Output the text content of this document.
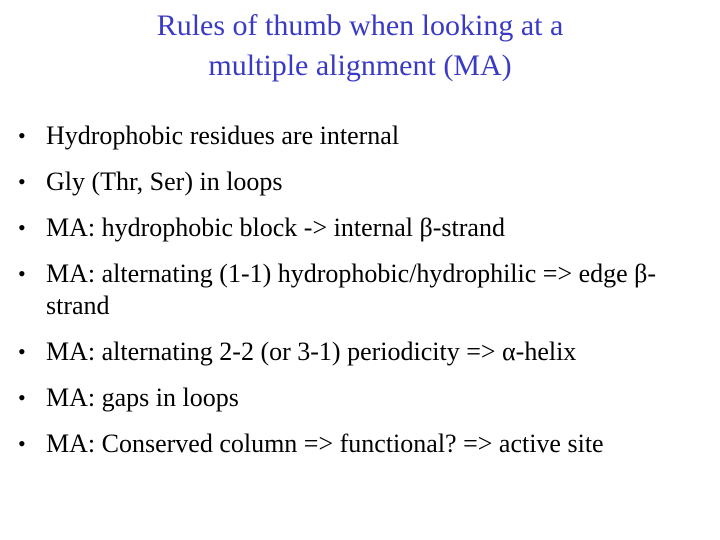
Rules of thumb when looking at a
multiple alignment (MA)
• Hydrophobic residues are internal
• Gly (Thr, Ser) in loops
• MA: hydrophobic block -> internal β-strand
• MA: alternating (1-1) hydrophobic/hydrophilic => edge β-strand
• MA: alternating 2-2 (or 3-1) periodicity => α-helix
• MA: gaps in loops
• MA: Conserved column => functional? => active site
